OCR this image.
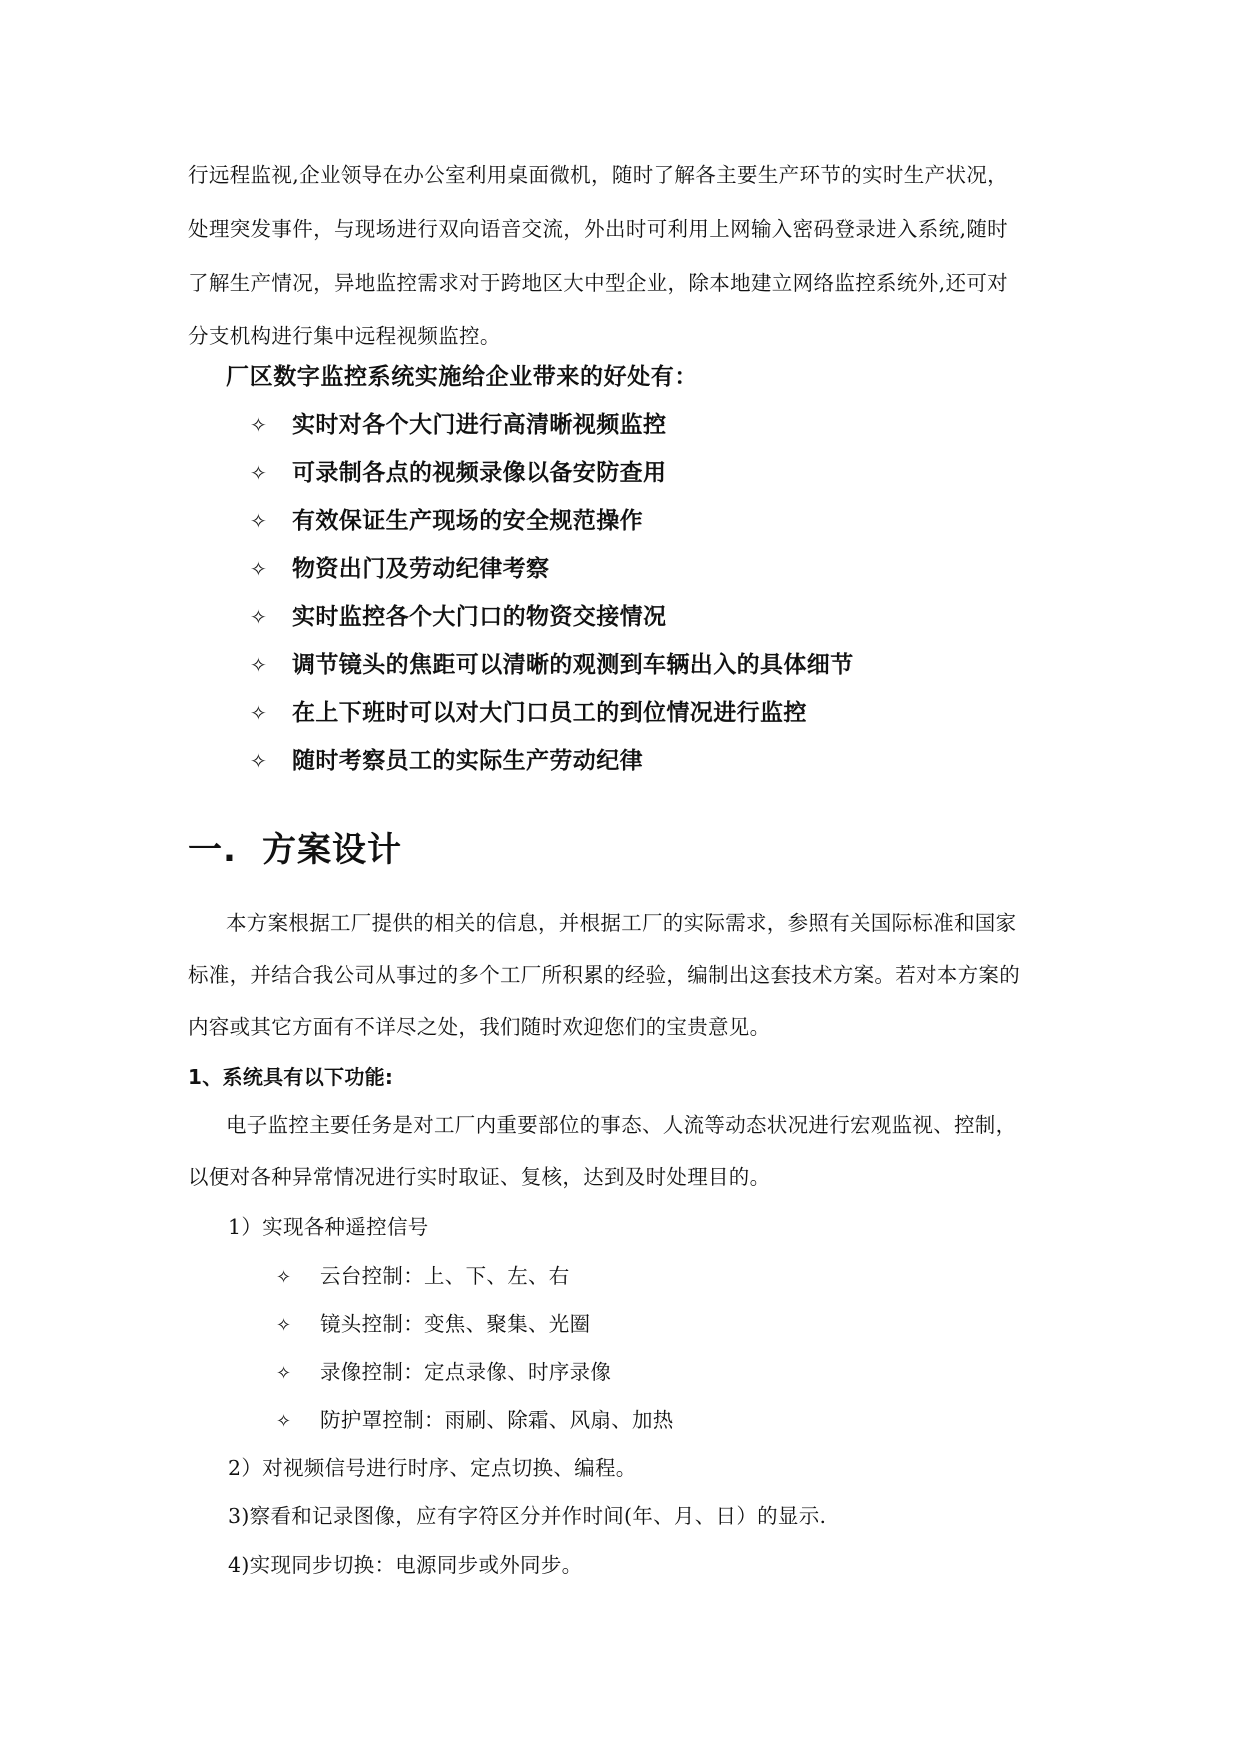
行远程监视,企业领导在办公室利用桌面微机，随时了解各主要生产环节的实时生产状况，
处理突发事件，与现场进行双向语音交流，外出时可利用上网输入密码登录进入系统,随时
了解生产情况，异地监控需求对于跨地区大中型企业，除本地建立网络监控系统外,还可对
分支机构进行集中远程视频监控。
厂区数字监控系统实施给企业带来的好处有：
✧ 实时对各个大门进行高清晰视频监控
✧ 可录制各点的视频录像以备安防查用
✧ 有效保证生产现场的安全规范操作
✧ 物资出门及劳动纪律考察
✧ 实时监控各个大门口的物资交接情况
✧ 调节镜头的焦距可以清晰的观测到车辆出入的具体细节
✧ 在上下班时可以对大门口员工的到位情况进行监控
✧ 随时考察员工的实际生产劳动纪律
一. 方案设计
本方案根据工厂提供的相关的信息，并根据工厂的实际需求，参照有关国际标准和国家
标准，并结合我公司从事过的多个工厂所积累的经验，编制出这套技术方案。若对本方案的
内容或其它方面有不详尽之处，我们随时欢迎您们的宝贵意见。
1、系统具有以下功能:
电子监控主要任务是对工厂内重要部位的事态、人流等动态状况进行宏观监视、控制，
以便对各种异常情况进行实时取证、复核，达到及时处理目的。
1）实现各种遥控信号
✧ 云台控制：上、下、左、右
✧ 镜头控制：变焦、聚集、光圈
✧ 录像控制：定点录像、时序录像
✧ 防护罩控制：雨刷、除霜、风扇、加热
2）对视频信号进行时序、定点切换、编程。
3)察看和记录图像，应有字符区分并作时间(年、月、日）的显示.
4)实现同步切换：电源同步或外同步。
